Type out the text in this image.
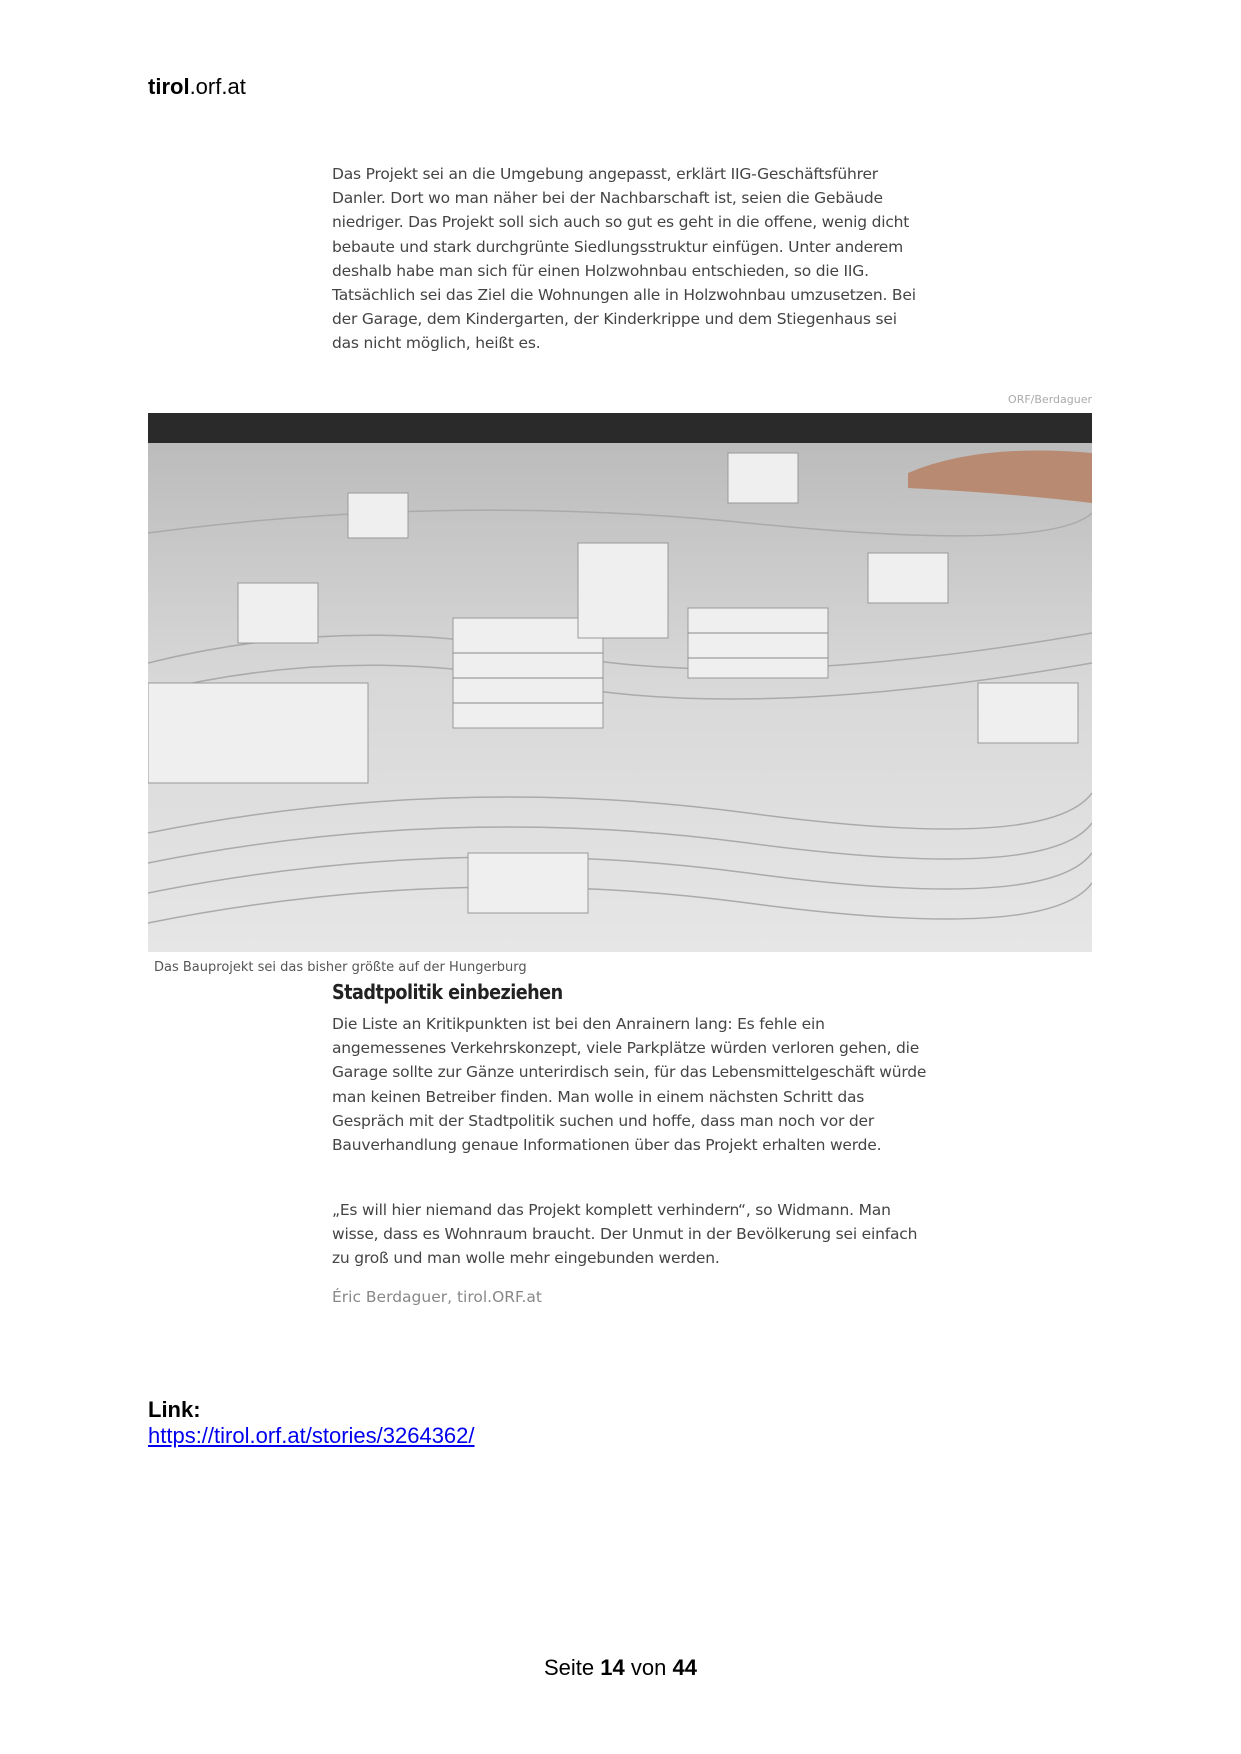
tirol.orf.at
Das Projekt sei an die Umgebung angepasst, erklärt IIG-Geschäftsführer Danler. Dort wo man näher bei der Nachbarschaft ist, seien die Gebäude niedriger. Das Projekt soll sich auch so gut es geht in die offene, wenig dicht bebaute und stark durchgrünte Siedlungsstruktur einfügen. Unter anderem deshalb habe man sich für einen Holzwohnbau entschieden, so die IIG. Tatsächlich sei das Ziel die Wohnungen alle in Holzwohnbau umzusetzen. Bei der Garage, dem Kindergarten, der Kinderkrippe und dem Stiegenhaus sei das nicht möglich, heißt es.
ORF/Berdaguer
Das Bauprojekt sei das bisher größte auf der Hungerburg
Stadtpolitik einbeziehen
Die Liste an Kritikpunkten ist bei den Anrainern lang: Es fehle ein angemessenes Verkehrskonzept, viele Parkplätze würden verloren gehen, die Garage sollte zur Gänze unterirdisch sein, für das Lebensmittelgeschäft würde man keinen Betreiber finden. Man wolle in einem nächsten Schritt das Gespräch mit der Stadtpolitik suchen und hoffe, dass man noch vor der Bauverhandlung genaue Informationen über das Projekt erhalten werde.
„Es will hier niemand das Projekt komplett verhindern“, so Widmann. Man wisse, dass es Wohnraum braucht. Der Unmut in der Bevölkerung sei einfach zu groß und man wolle mehr eingebunden werden.
Éric Berdaguer, tirol.ORF.at
Link:
https://tirol.orf.at/stories/3264362/
Seite 14 von 44
